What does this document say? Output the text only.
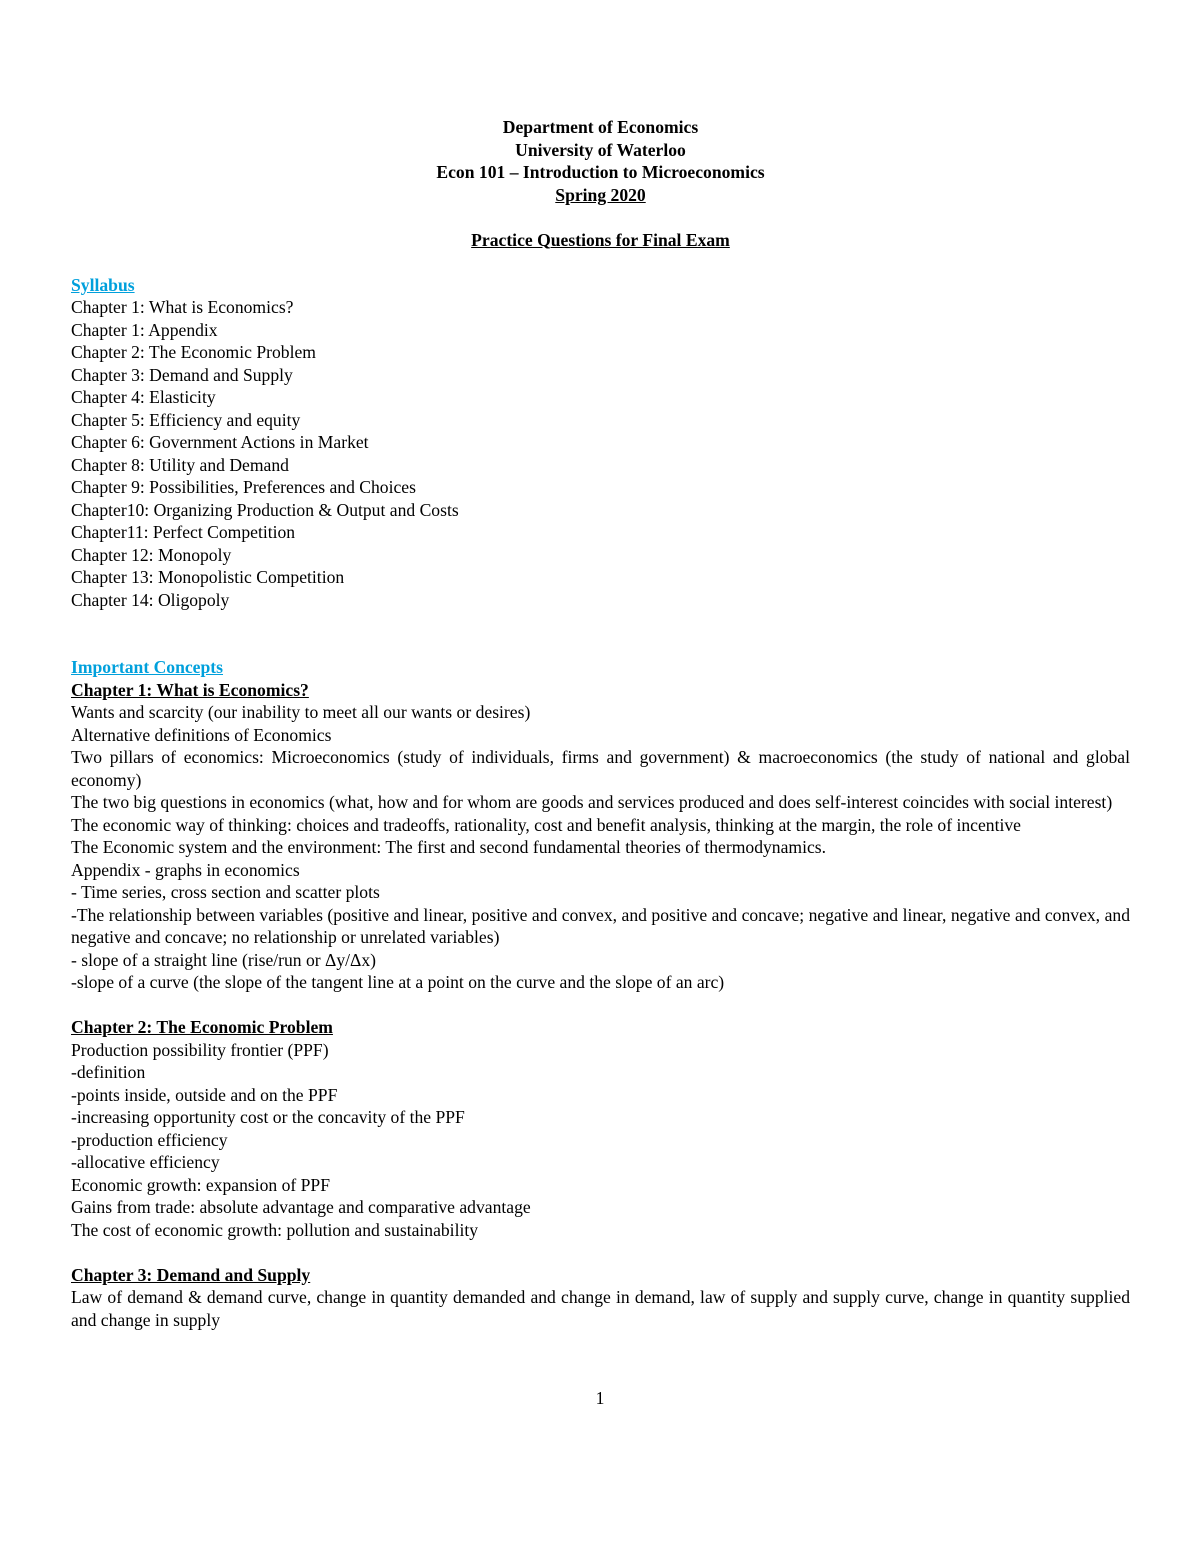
Department of Economics
University of Waterloo
Econ 101 – Introduction to Microeconomics
Spring 2020
Practice Questions for Final Exam
Syllabus
Chapter 1: What is Economics?
Chapter 1: Appendix
Chapter 2: The Economic Problem
Chapter 3: Demand and Supply
Chapter 4: Elasticity
Chapter 5: Efficiency and equity
Chapter 6: Government Actions in Market
Chapter 8: Utility and Demand
Chapter 9: Possibilities, Preferences and Choices
Chapter10: Organizing Production & Output and Costs
Chapter11: Perfect Competition
Chapter 12: Monopoly
Chapter 13: Monopolistic Competition
Chapter 14: Oligopoly
Important Concepts
Chapter 1: What is Economics?
Wants and scarcity (our inability to meet all our wants or desires)
Alternative definitions of Economics
Two pillars of economics: Microeconomics (study of individuals, firms and government) & macroeconomics (the study of national and global economy)
The two big questions in economics (what, how and for whom are goods and services produced and does self-interest coincides with social interest)
The economic way of thinking: choices and tradeoffs, rationality, cost and benefit analysis, thinking at the margin, the role of incentive
The Economic system and the environment: The first and second fundamental theories of thermodynamics.
Appendix - graphs in economics
- Time series, cross section and scatter plots
-The relationship between variables (positive and linear, positive and convex, and positive and concave; negative and linear, negative and convex, and negative and concave; no relationship or unrelated variables)
- slope of a straight line (rise/run or Δy/Δx)
-slope of a curve (the slope of the tangent line at a point on the curve and the slope of an arc)
Chapter 2: The Economic Problem
Production possibility frontier (PPF)
-definition
-points inside, outside and on the PPF
-increasing opportunity cost or the concavity of the PPF
-production efficiency
-allocative efficiency
Economic growth: expansion of PPF
Gains from trade: absolute advantage and comparative advantage
The cost of economic growth: pollution and sustainability
Chapter 3: Demand and Supply
Law of demand & demand curve, change in quantity demanded and change in demand, law of supply and supply curve, change in quantity supplied and change in supply
1
